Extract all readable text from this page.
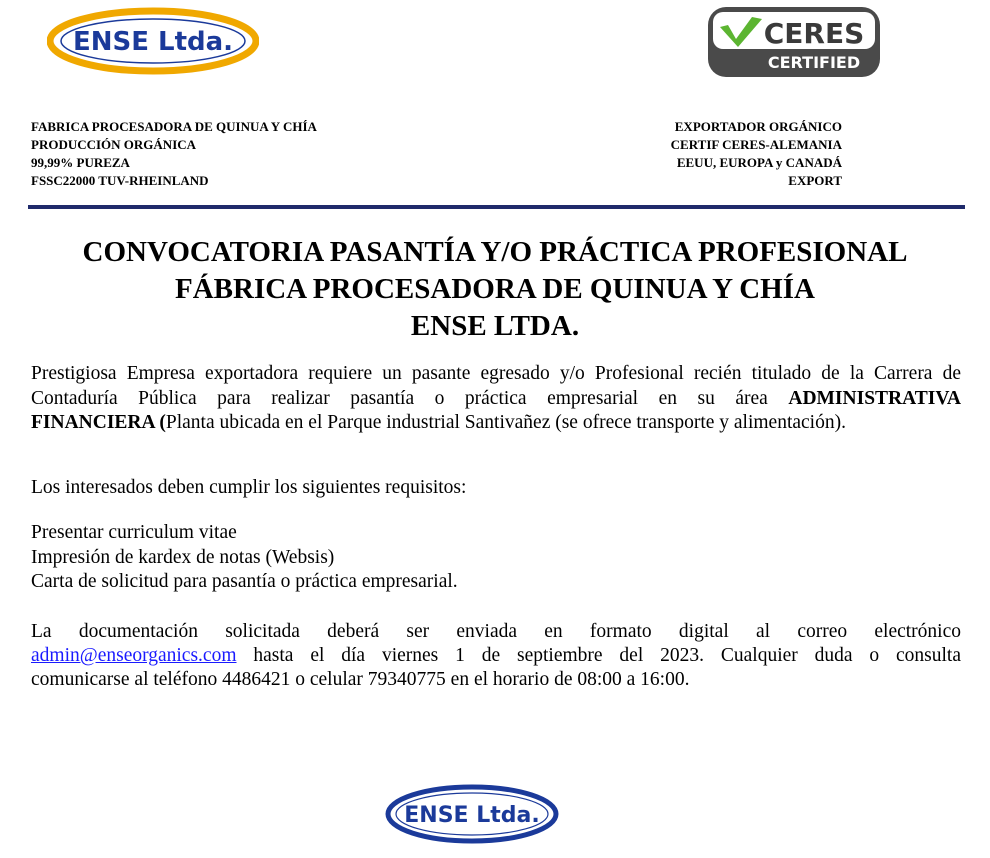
ENSE Ltda.	CERES
CERTIFIED
FABRICA PROCESADORA DE QUINUA Y CHÍA
PRODUCCIÓN ORGÁNICA
99,99% PUREZA
FSSC22000 TUV-RHEINLAND
EXPORTADOR ORGÁNICO
CERTIF CERES-ALEMANIA
EEUU, EUROPA y CANADÁ
EXPORT
CONVOCATORIA PASANTÍA Y/O PRÁCTICA PROFESIONAL
FÁBRICA PROCESADORA DE QUINUA Y CHÍA
ENSE LTDA.
Prestigiosa Empresa exportadora requiere un pasante egresado y/o Profesional recién titulado de la Carrera de
Contaduría Pública para realizar pasantía o práctica empresarial en su área ADMINISTRATIVA
FINANCIERA (Planta ubicada en el Parque industrial Santivañez (se ofrece transporte y alimentación).
Los interesados deben cumplir los siguientes requisitos:
Presentar curriculum vitae
Impresión de kardex de notas (Websis)
Carta de solicitud para pasantía o práctica empresarial.
La documentación solicitada deberá ser enviada en formato digital al correo electrónico
admin@enseorganics.com hasta el día viernes 1 de septiembre del 2023. Cualquier duda o consulta
comunicarse al teléfono 4486421 o celular 79340775 en el horario de 08:00 a 16:00.
ENSE Ltda.
